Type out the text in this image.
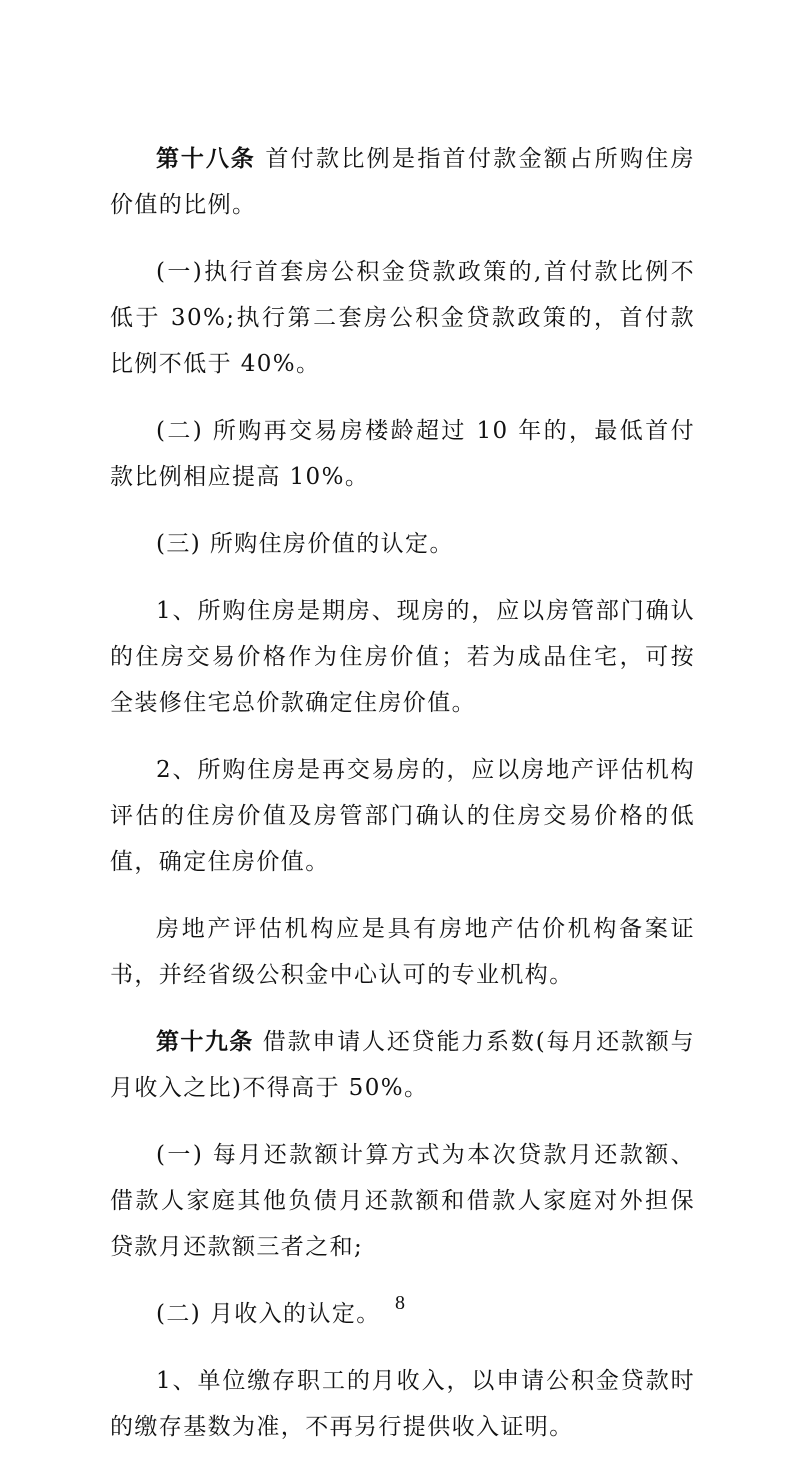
第十八条 首付款比例是指首付款金额占所购住房价值的比例。

(一)执行首套房公积金贷款政策的,首付款比例不低于 30%;执行第二套房公积金贷款政策的，首付款比例不低于 40%。

(二) 所购再交易房楼龄超过 10 年的，最低首付款比例相应提高 10%。

(三) 所购住房价值的认定。

1、所购住房是期房、现房的，应以房管部门确认的住房交易价格作为住房价值；若为成品住宅，可按全装修住宅总价款确定住房价值。

2、所购住房是再交易房的，应以房地产评估机构评估的住房价值及房管部门确认的住房交易价格的低值，确定住房价值。

房地产评估机构应是具有房地产估价机构备案证书，并经省级公积金中心认可的专业机构。

第十九条 借款申请人还贷能力系数(每月还款额与月收入之比)不得高于 50%。

(一) 每月还款额计算方式为本次贷款月还款额、借款人家庭其他负债月还款额和借款人家庭对外担保贷款月还款额三者之和;

(二) 月收入的认定。

1、单位缴存职工的月收入，以申请公积金贷款时的缴存基数为准，不再另行提供收入证明。

8
